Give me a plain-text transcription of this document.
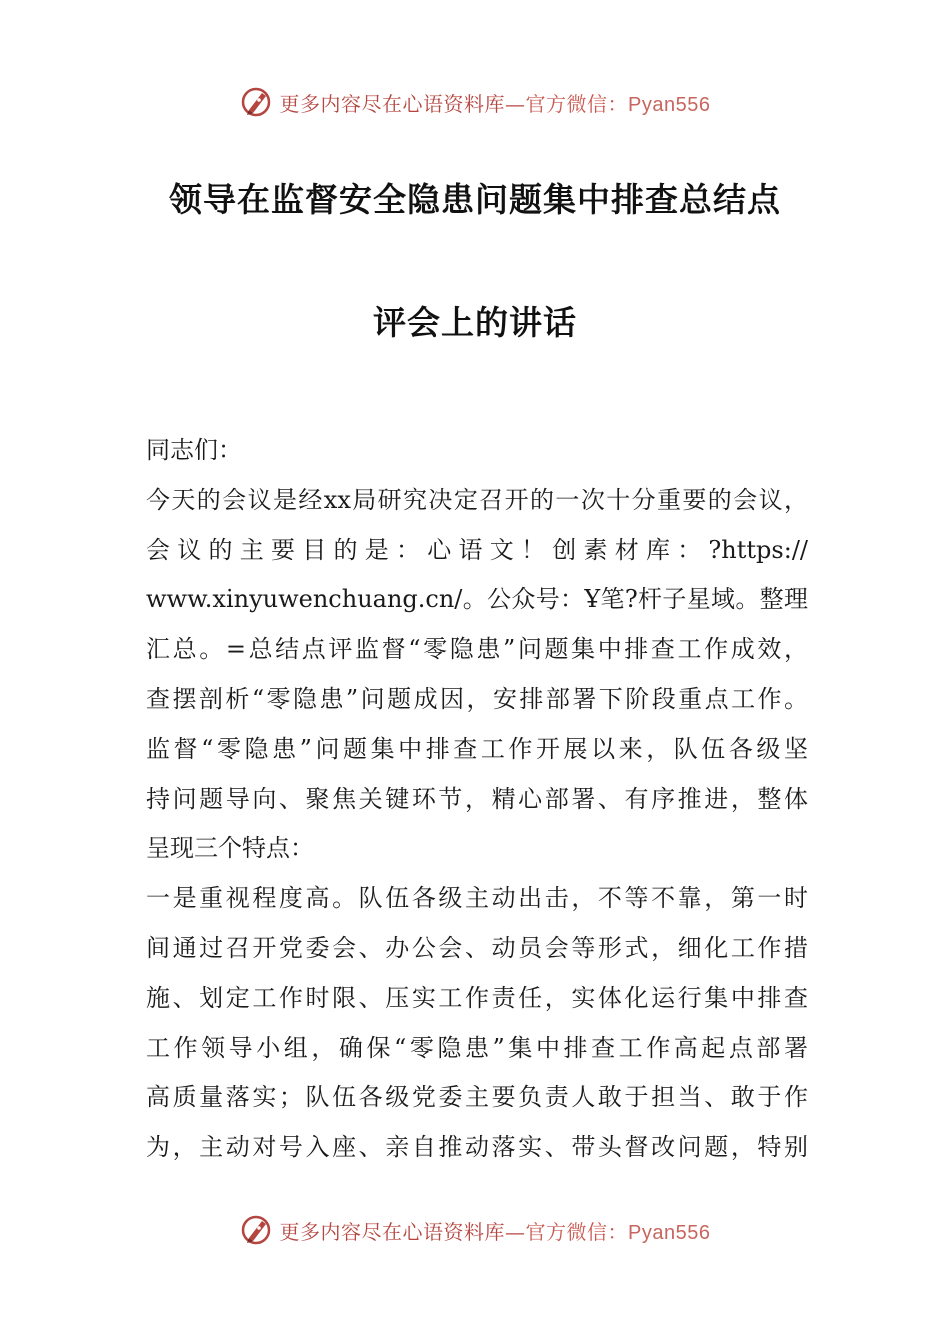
更多内容尽在心语资料库—官方微信：Pyan556
领导在监督安全隐患问题集中排查总结点
评会上的讲话
同志们：
今天的会议是经xx局研究决定召开的一次十分重要的会议，
会议的主要目的是：心语文！创素材库：?https://
www.xinyuwenchuang.cn/。公众号：Ұ笔?杆子星域。整理
汇总。=总结点评监督“零隐患”问题集中排查工作成效，
查摆剖析“零隐患”问题成因，安排部署下阶段重点工作。
监督“零隐患”问题集中排查工作开展以来，队伍各级坚
持问题导向、聚焦关键环节，精心部署、有序推进，整体
呈现三个特点：
一是重视程度高。队伍各级主动出击，不等不靠，第一时
间通过召开党委会、办公会、动员会等形式，细化工作措
施、划定工作时限、压实工作责任，实体化运行集中排查
工作领导小组，确保“零隐患”集中排查工作高起点部署
高质量落实；队伍各级党委主要负责人敢于担当、敢于作
为，主动对号入座、亲自推动落实、带头督改问题，特别
更多内容尽在心语资料库—官方微信：Pyan556
